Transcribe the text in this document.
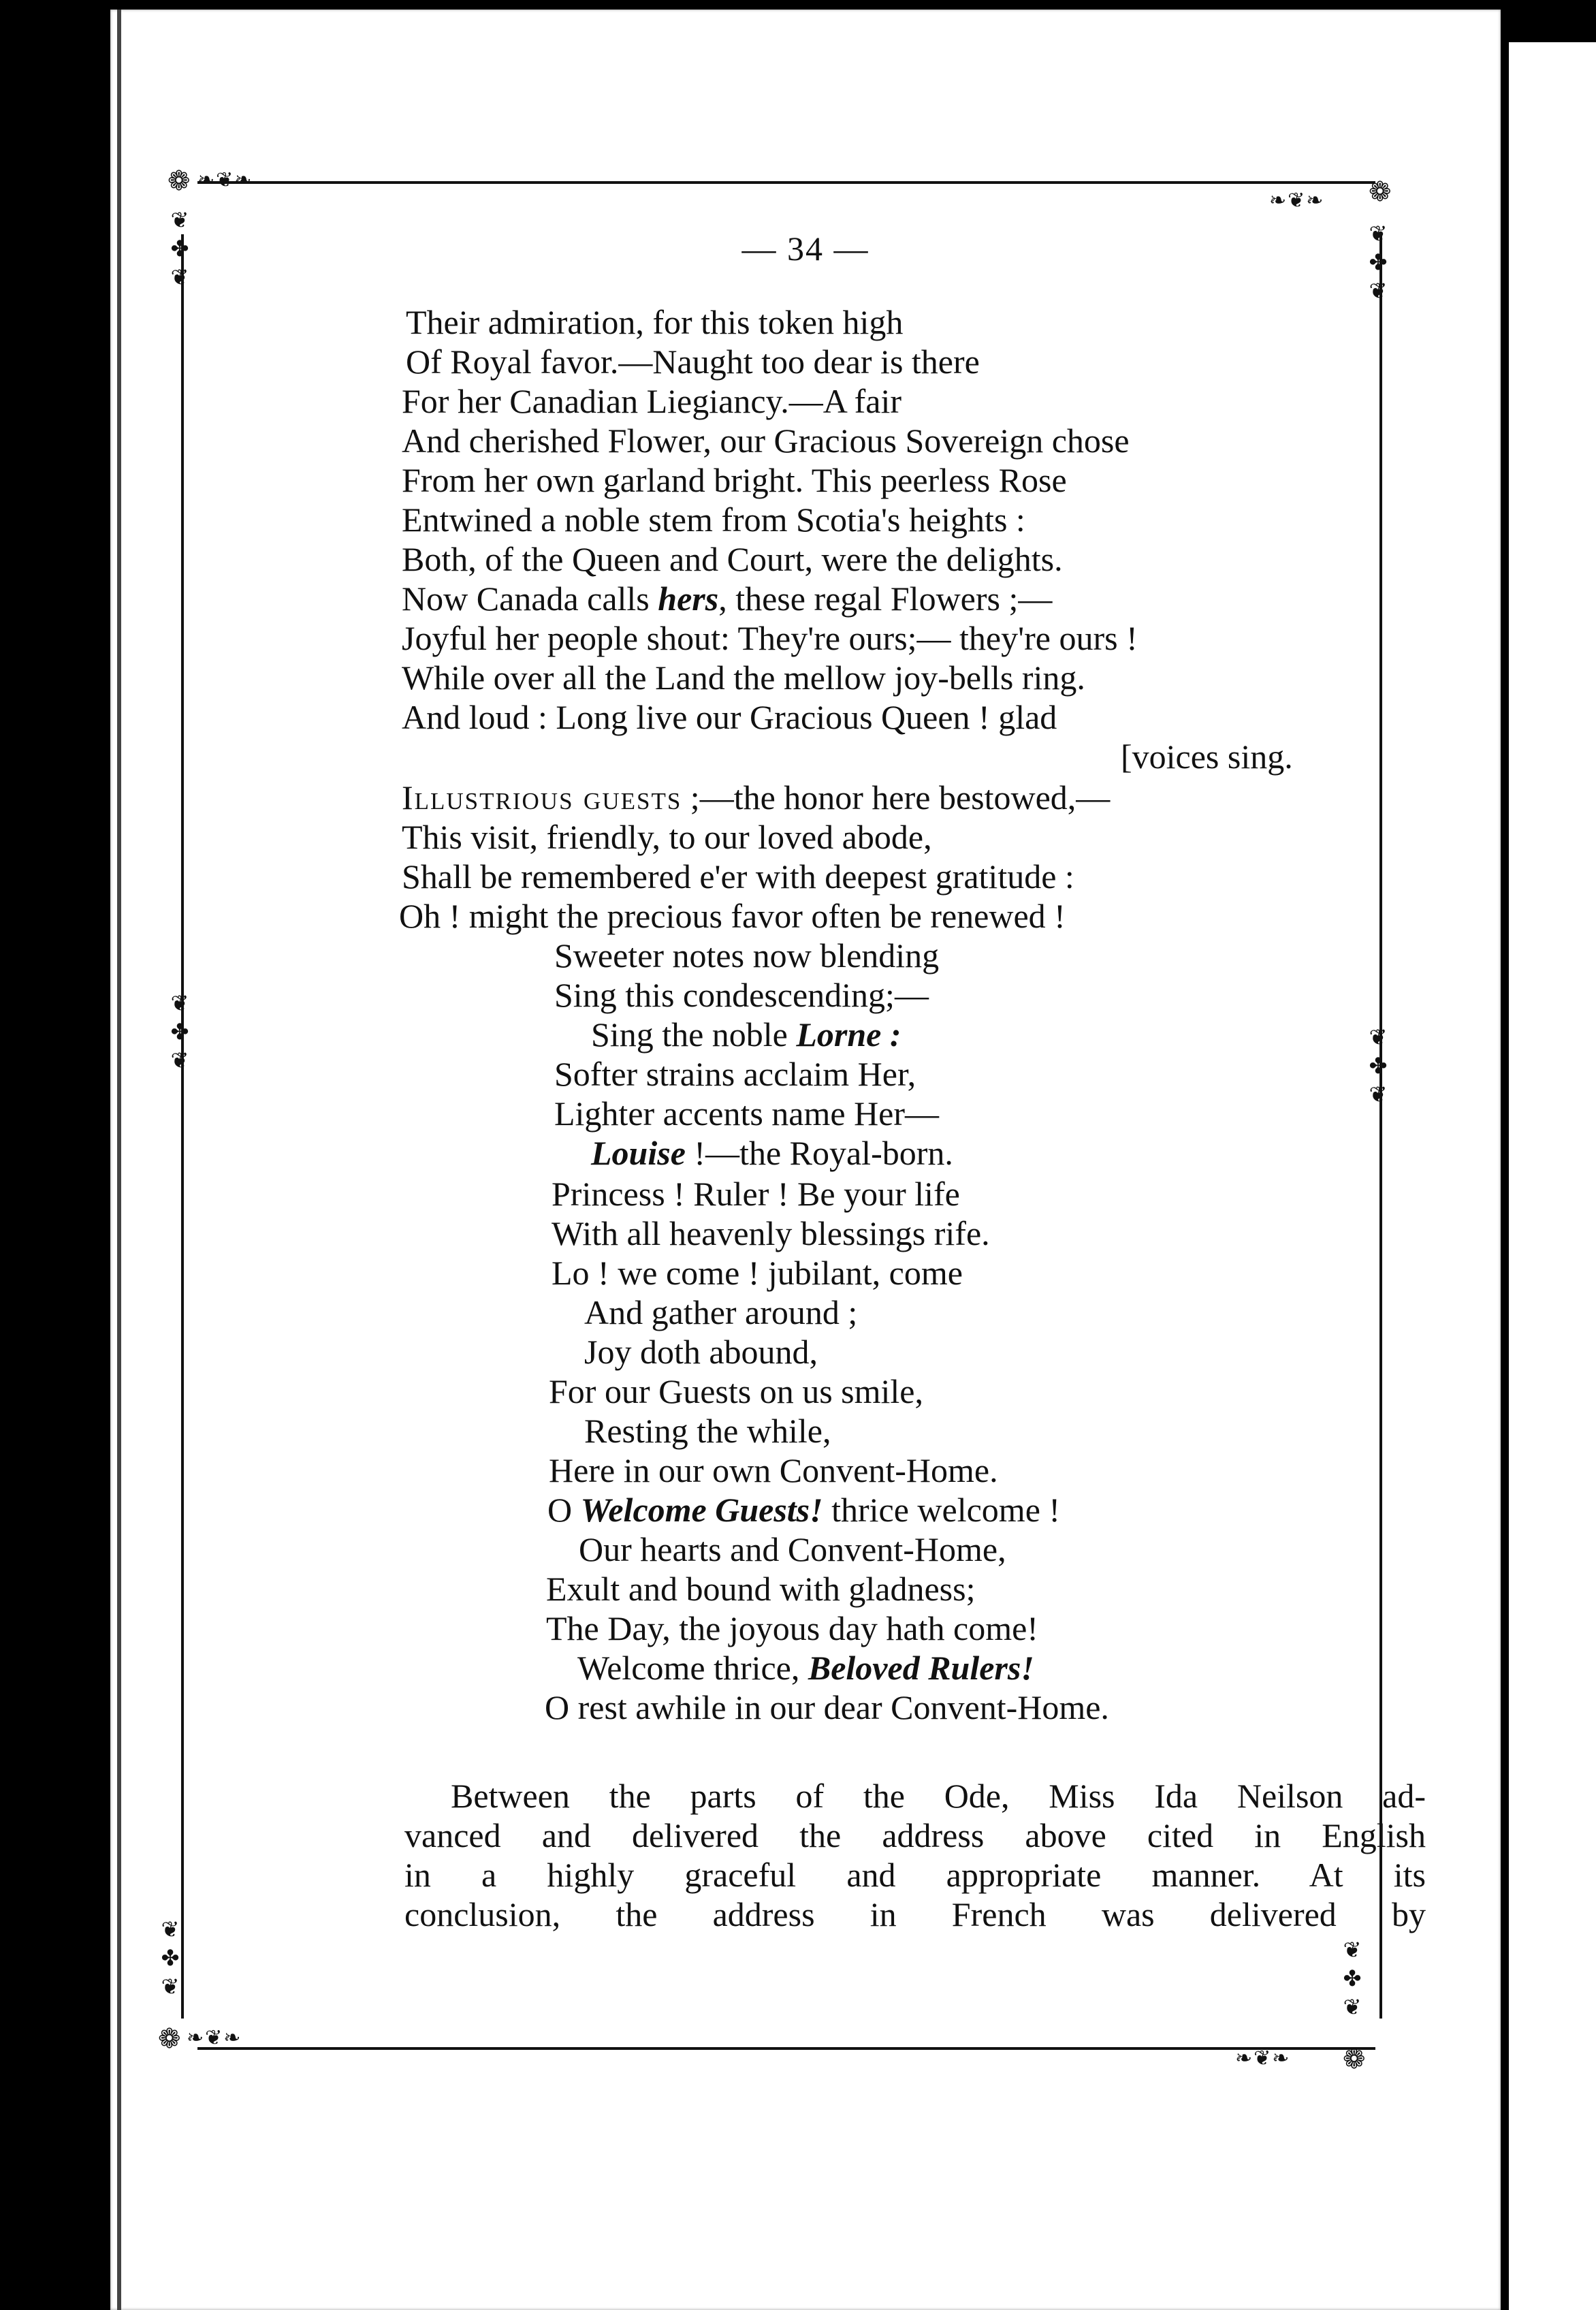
❁	❁
❁
❁
❧❦❧
❧❦❧
❧❦❧
❧❦❧
❦✤❦
❦✤❦
❦✤❦
❦✤❦
❦✤❦
❦✤❦
— 34 —
Their admiration, for this token high
Of Royal favor.—Naught too dear is there
For her Canadian Liegiancy.—A fair
And cherished Flower, our Gracious Sovereign chose
From her own garland bright. This peerless Rose
Entwined a noble stem from Scotia's heights :
Both, of the Queen and Court, were the delights.
Now Canada calls hers, these regal Flowers ;—
Joyful her people shout: They're ours;— they're ours !
While over all the Land the mellow joy-bells ring.
And loud : Long live our Gracious Queen ! glad
[voices sing.
Illustrious guests ;—the honor here bestowed,—
This visit, friendly, to our loved abode,
Shall be remembered e'er with deepest gratitude :
Oh ! might the precious favor often be renewed !
Sweeter notes now blending
Sing this condescending;—
Sing the noble Lorne :
Softer strains acclaim Her,
Lighter accents name Her—
Louise !—the Royal-born.
Princess ! Ruler ! Be your life
With all heavenly blessings rife.
Lo ! we come ! jubilant, come
And gather around ;
Joy doth abound,
For our Guests on us smile,
Resting the while,
Here in our own Convent-Home.
O Welcome Guests! thrice welcome !
Our hearts and Convent-Home,
Exult and bound with gladness;
The Day, the joyous day hath come!
Welcome thrice, Beloved Rulers!
O rest awhile in our dear Convent-Home.
Between the parts of the Ode, Miss Ida Neilson ad-
vanced and delivered the address above cited in English
in a highly graceful and appropriate manner. At its
conclusion, the address in French was delivered by
